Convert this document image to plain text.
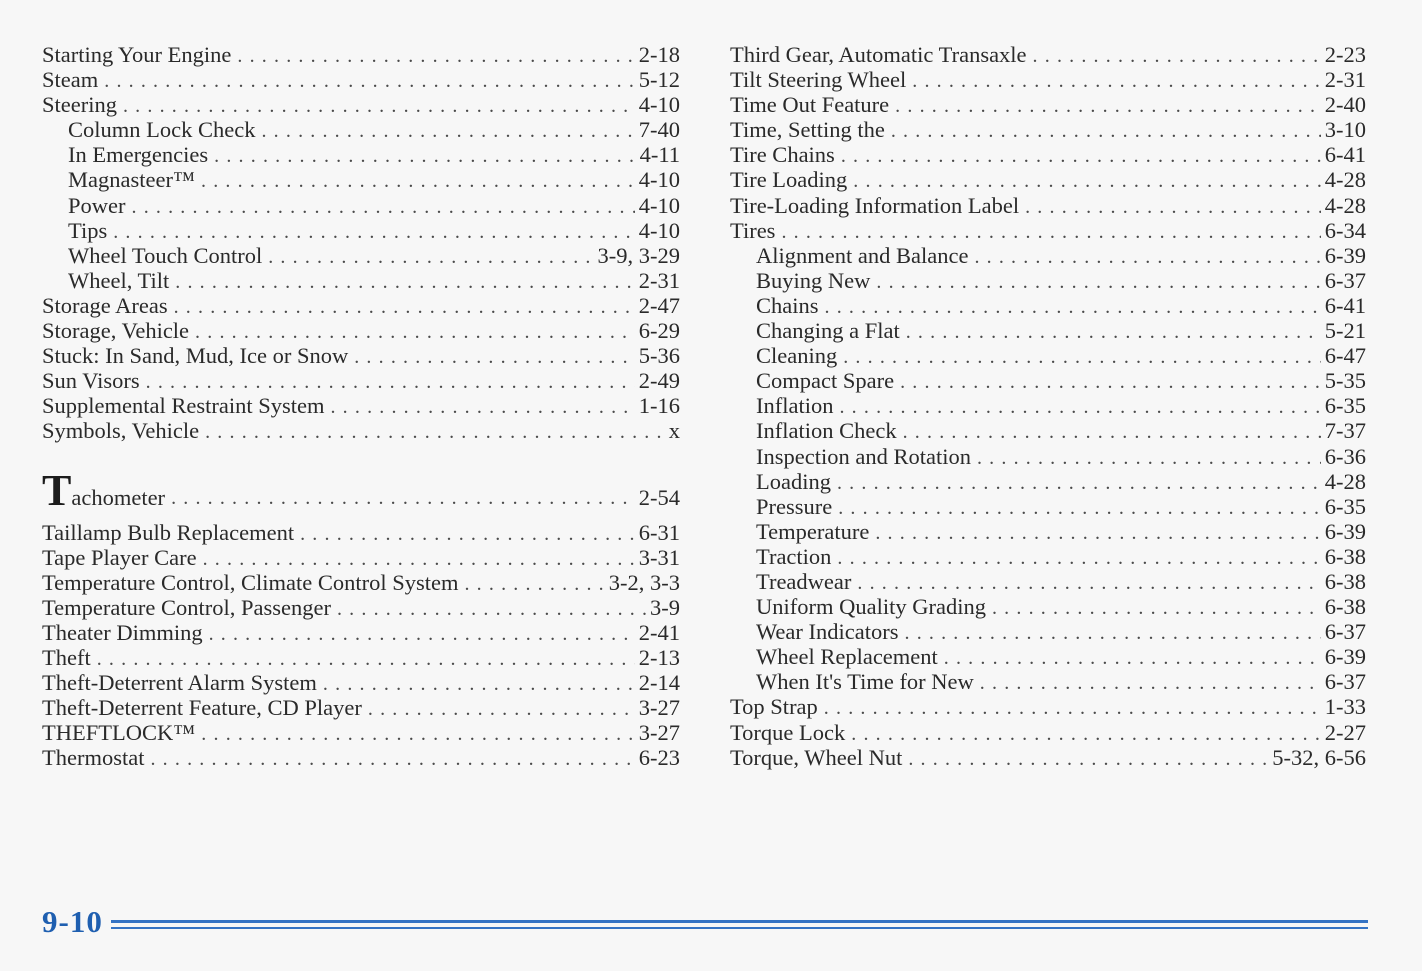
Starting Your Engine . . .	2-18
Steam . . .	5-12
Steering . . .	4-10
Column Lock Check . . .	7-40
In Emergencies . . .	4-11
Magnasteer™ . . .	4-10
Power . . .	4-10
Tips . . .	4-10
Wheel Touch Control . . .	3-9, 3-29
Wheel, Tilt . . .	2-31
Storage Areas . . .	2-47
Storage, Vehicle . . .	6-29
Stuck: In Sand, Mud, Ice or Snow . . .	5-36
Sun Visors . . .	2-49
Supplemental Restraint System . . .	1-16
Symbols, Vehicle . . .	x
Tachometer . . .	2-54
Taillamp Bulb Replacement . . .	6-31
Tape Player Care . . .	3-31
Temperature Control, Climate Control System . . .	3-2, 3-3
Temperature Control, Passenger . . .	3-9
Theater Dimming . . .	2-41
Theft . . .	2-13
Theft-Deterrent Alarm System . . .	2-14
Theft-Deterrent Feature, CD Player . . .	3-27
THEFTLOCK™ . . .	3-27
Thermostat . . .	6-23
Third Gear, Automatic Transaxle . . .	2-23
Tilt Steering Wheel . . .	2-31
Time Out Feature . . .	2-40
Time, Setting the . . .	3-10
Tire Chains . . .	6-41
Tire Loading . . .	4-28
Tire-Loading Information Label . . .	4-28
Tires . . .	6-34
Alignment and Balance . . .	6-39
Buying New . . .	6-37
Chains . . .	6-41
Changing a Flat . . .	5-21
Cleaning . . .	6-47
Compact Spare . . .	5-35
Inflation . . .	6-35
Inflation Check . . .	7-37
Inspection and Rotation . . .	6-36
Loading . . .	4-28
Pressure . . .	6-35
Temperature . . .	6-39
Traction . . .	6-38
Treadwear . . .	6-38
Uniform Quality Grading . . .	6-38
Wear Indicators . . .	6-37
Wheel Replacement . . .	6-39
When It's Time for New . . .	6-37
Top Strap . . .	1-33
Torque Lock . . .	2-27
Torque, Wheel Nut . . .	5-32, 6-56
9-10
